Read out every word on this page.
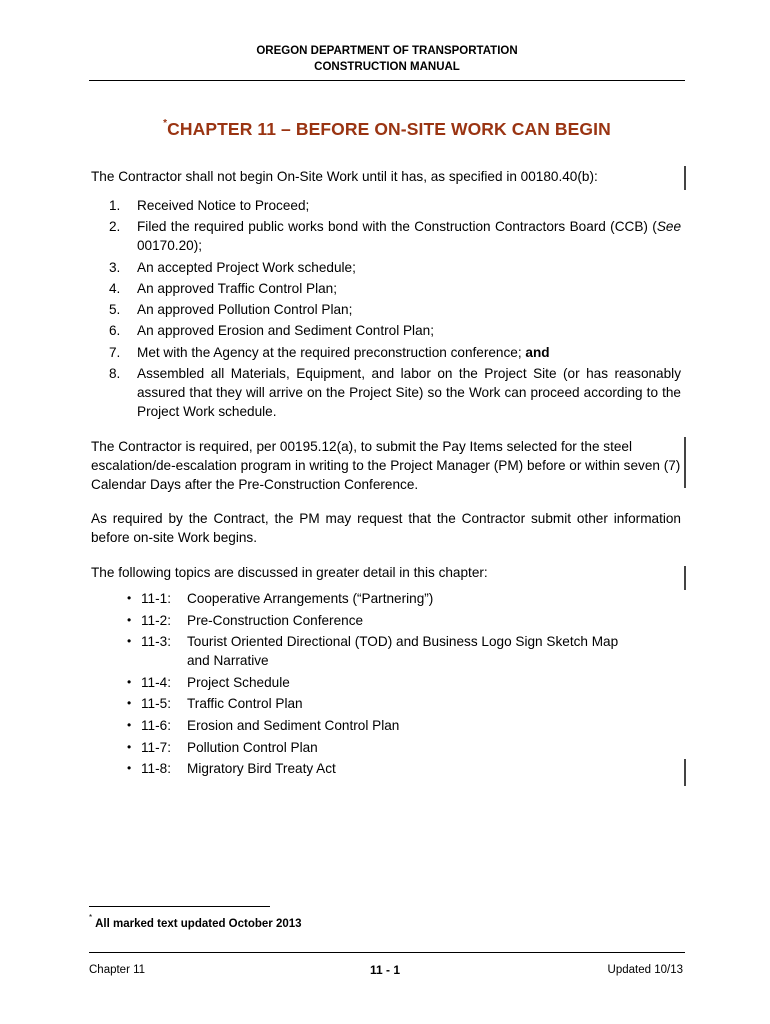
OREGON DEPARTMENT OF TRANSPORTATION
CONSTRUCTION MANUAL
*CHAPTER 11 – BEFORE ON-SITE WORK CAN BEGIN

The Contractor shall not begin On-Site Work until it has, as specified in 00180.40(b):

1. Received Notice to Proceed;
2. Filed the required public works bond with the Construction Contractors Board (CCB) (See 00170.20);
3. An accepted Project Work schedule;
4. An approved Traffic Control Plan;
5. An approved Pollution Control Plan;
6. An approved Erosion and Sediment Control Plan;
7. Met with the Agency at the required preconstruction conference; and
8. Assembled all Materials, Equipment, and labor on the Project Site (or has reasonably assured that they will arrive on the Project Site) so the Work can proceed according to the Project Work schedule.

The Contractor is required, per 00195.12(a), to submit the Pay Items selected for the steel escalation/de-escalation program in writing to the Project Manager (PM) before or within seven (7) Calendar Days after the Pre-Construction Conference.

As required by the Contract, the PM may request that the Contractor submit other information before on-site Work begins.

The following topics are discussed in greater detail in this chapter:

• 11-1: Cooperative Arrangements (“Partnering”)
• 11-2: Pre-Construction Conference
• 11-3: Tourist Oriented Directional (TOD) and Business Logo Sign Sketch Map
and Narrative
• 11-4: Project Schedule
• 11-5: Traffic Control Plan
• 11-6: Erosion and Sediment Control Plan
• 11-7: Pollution Control Plan
• 11-8: Migratory Bird Treaty Act
*All marked text updated October 2013
Chapter 11	11 - 1	Updated 10/13
